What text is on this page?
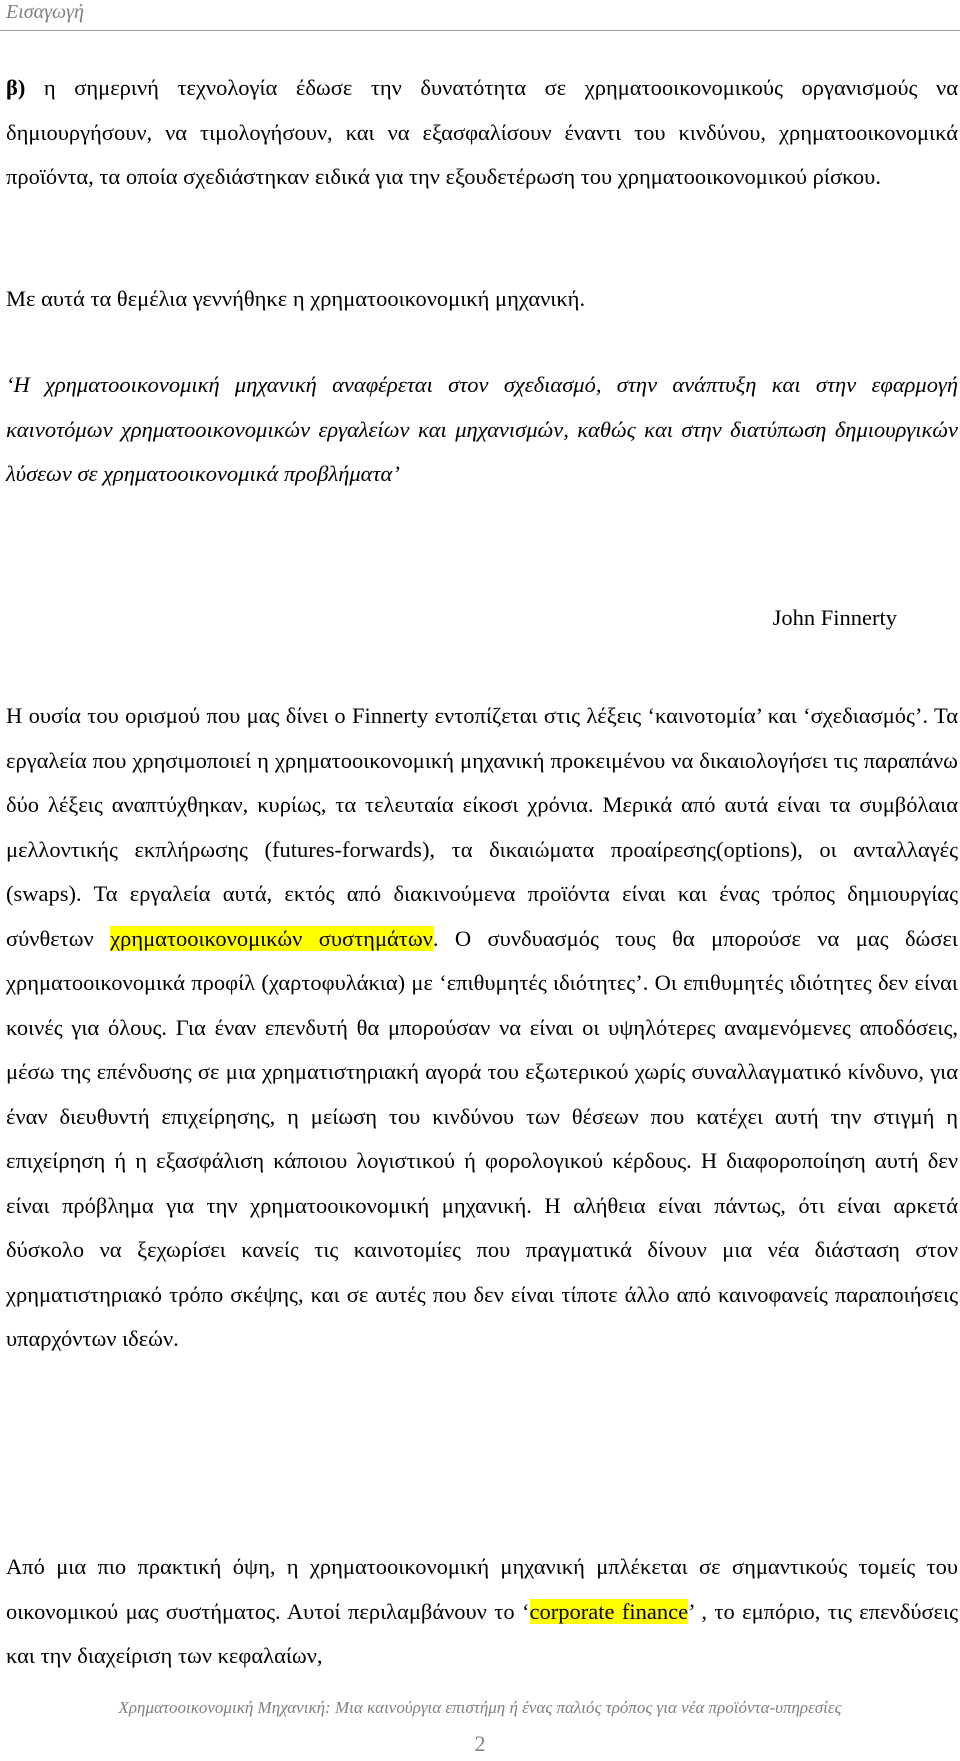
Εισαγωγή

β) η σημερινή τεχνολογία έδωσε την δυνατότητα σε χρηματοοικονομικούς οργανισμούς να δημιουργήσουν, να τιμολογήσουν, και να εξασφαλίσουν έναντι του κινδύνου, χρηματοοικονομικά προϊόντα, τα οποία σχεδιάστηκαν ειδικά για την εξουδετέρωση του χρηματοοικονομικού ρίσκου.

Με αυτά τα θεμέλια γεννήθηκε η χρηματοοικονομική μηχανική.

‘Η χρηματοοικονομική μηχανική αναφέρεται στον σχεδιασμό, στην ανάπτυξη και στην εφαρμογή καινοτόμων χρηματοοικονομικών εργαλείων και μηχανισμών, καθώς και στην διατύπωση δημιουργικών λύσεων σε χρηματοοικονομικά προβλήματα’

John Finnerty

Η ουσία του ορισμού που μας δίνει ο Finnerty εντοπίζεται στις λέξεις ‘καινοτομία’ και ‘σχεδιασμός’. Τα εργαλεία που χρησιμοποιεί η χρηματοοικονομική μηχανική προκειμένου να δικαιολογήσει τις παραπάνω δύο λέξεις αναπτύχθηκαν, κυρίως, τα τελευταία είκοσι χρόνια. Μερικά από αυτά είναι τα συμβόλαια μελλοντικής εκπλήρωσης (futures-forwards), τα δικαιώματα προαίρεσης(options), οι ανταλλαγές (swaps). Τα εργαλεία αυτά, εκτός από διακινούμενα προϊόντα είναι και ένας τρόπος δημιουργίας σύνθετων χρηματοοικονομικών συστημάτων. Ο συνδυασμός τους θα μπορούσε να μας δώσει χρηματοοικονομικά προφίλ (χαρτοφυλάκια) με ‘επιθυμητές ιδιότητες’. Οι επιθυμητές ιδιότητες δεν είναι κοινές για όλους. Για έναν επενδυτή θα μπορούσαν να είναι οι υψηλότερες αναμενόμενες αποδόσεις, μέσω της επένδυσης σε μια χρηματιστηριακή αγορά του εξωτερικού χωρίς συναλλαγματικό κίνδυνο, για έναν διευθυντή επιχείρησης, η μείωση του κινδύνου των θέσεων που κατέχει αυτή την στιγμή η επιχείρηση ή η εξασφάλιση κάποιου λογιστικού ή φορολογικού κέρδους. Η διαφοροποίηση αυτή δεν είναι πρόβλημα για την χρηματοοικονομική μηχανική. Η αλήθεια είναι πάντως, ότι είναι αρκετά δύσκολο να ξεχωρίσει κανείς τις καινοτομίες που πραγματικά δίνουν μια νέα διάσταση στον χρηματιστηριακό τρόπο σκέψης, και σε αυτές που δεν είναι τίποτε άλλο από καινοφανείς παραποιήσεις υπαρχόντων ιδεών.

Από μια πιο πρακτική όψη, η χρηματοοικονομική μηχανική μπλέκεται σε σημαντικούς τομείς του οικονομικού μας συστήματος. Αυτοί περιλαμβάνουν το ‘corporate finance’ , το εμπόριο, τις επενδύσεις και την διαχείριση των κεφαλαίων,

Χρηματοοικονομική Μηχανική: Μια καινούργια επιστήμη ή ένας παλιός τρόπος για νέα προϊόντα-υπηρεσίες
2
